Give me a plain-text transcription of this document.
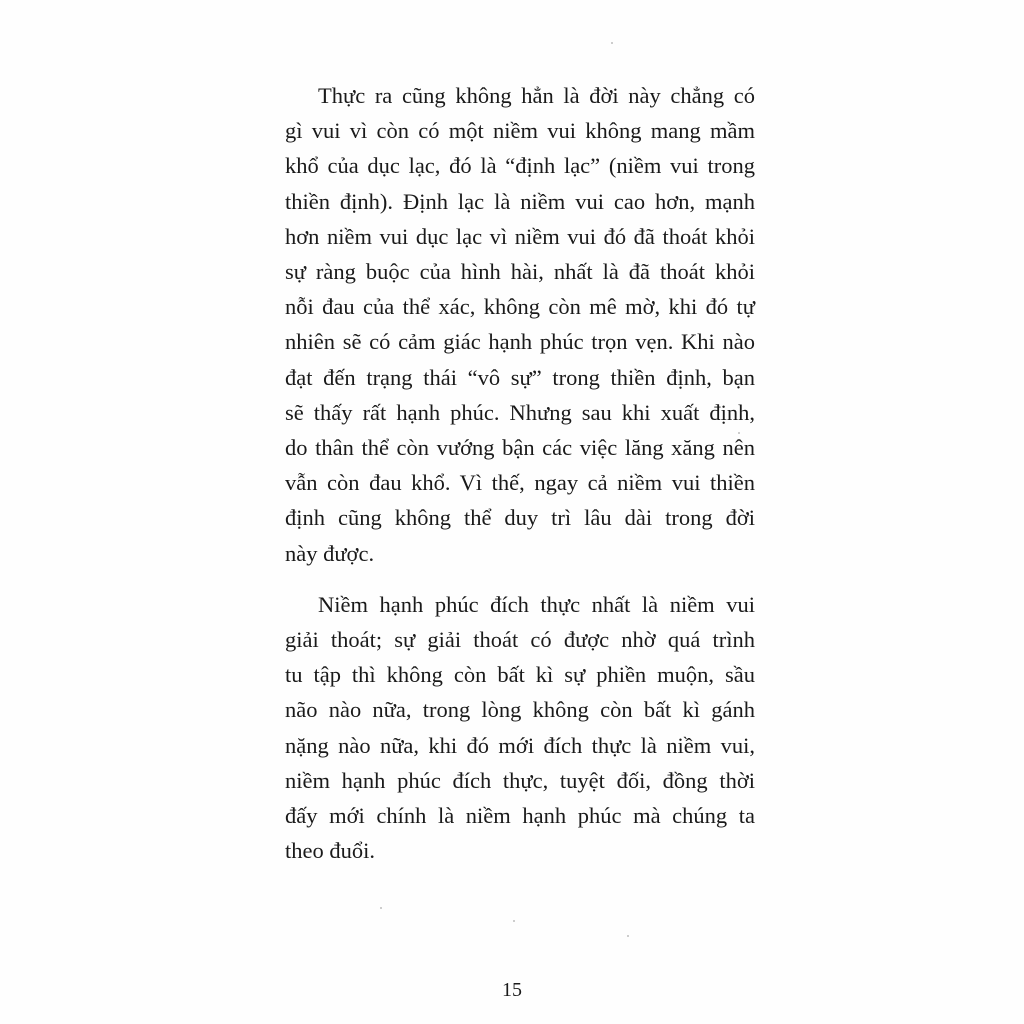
Thực ra cũng không hẳn là đời này chẳng có
gì vui vì còn có một niềm vui không mang mầm
khổ của dục lạc, đó là “định lạc” (niềm vui trong
thiền định). Định lạc là niềm vui cao hơn, mạnh
hơn niềm vui dục lạc vì niềm vui đó đã thoát khỏi
sự ràng buộc của hình hài, nhất là đã thoát khỏi
nỗi đau của thể xác, không còn mê mờ, khi đó tự
nhiên sẽ có cảm giác hạnh phúc trọn vẹn. Khi nào
đạt đến trạng thái “vô sự” trong thiền định, bạn
sẽ thấy rất hạnh phúc. Nhưng sau khi xuất định,
do thân thể còn vướng bận các việc lăng xăng nên
vẫn còn đau khổ. Vì thế, ngay cả niềm vui thiền
định cũng không thể duy trì lâu dài trong đời
này được.

Niềm hạnh phúc đích thực nhất là niềm vui
giải thoát; sự giải thoát có được nhờ quá trình
tu tập thì không còn bất kì sự phiền muộn, sầu
não nào nữa, trong lòng không còn bất kì gánh
nặng nào nữa, khi đó mới đích thực là niềm vui,
niềm hạnh phúc đích thực, tuyệt đối, đồng thời
đấy mới chính là niềm hạnh phúc mà chúng ta
theo đuổi.

15
